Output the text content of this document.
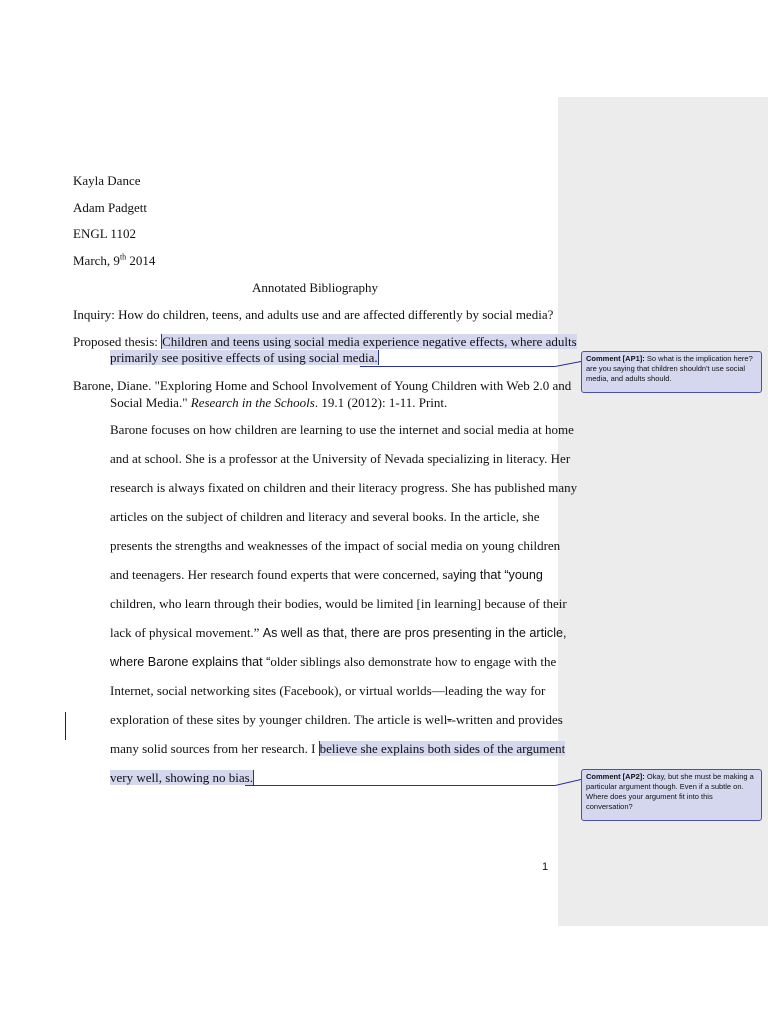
Kayla Dance
Adam Padgett
ENGL 1102
March, 9th 2014
Annotated Bibliography
Inquiry: How do children, teens, and adults use and are affected differently by social media?
Proposed thesis: Children and teens using social media experience negative effects, where adults
primarily see positive effects of using social media.
Barone, Diane. "Exploring Home and School Involvement of Young Children with Web 2.0 and
Social Media." Research in the Schools. 19.1 (2012): 1-11. Print.
Barone focuses on how children are learning to use the internet and social media at home
and at school. She is a professor at the University of Nevada specializing in literacy. Her
research is always fixated on children and their literacy progress. She has published many
articles on the subject of children and literacy and several books. In the article, she
presents the strengths and weaknesses of the impact of social media on young children
and teenagers. Her research found experts that were concerned, saying that “young
children, who learn through their bodies, would be limited [in learning] because of their
lack of physical movement.” As well as that, there are pros presenting in the article,
where Barone explains that “older siblings also demonstrate how to engage with the
Internet, social networking sites (Facebook), or virtual worlds—leading the way for
exploration of these sites by younger children. The article is well--written and provides
many solid sources from her research. I believe she explains both sides of the argument
very well, showing no bias.
Comment [AP1]: So what is the implication here? are you saying that children shouldn't use social media, and adults should.
Comment [AP2]: Okay, but she must be making a particular argument though. Even if a subtle on. Where does your argument fit into this conversation?
1
